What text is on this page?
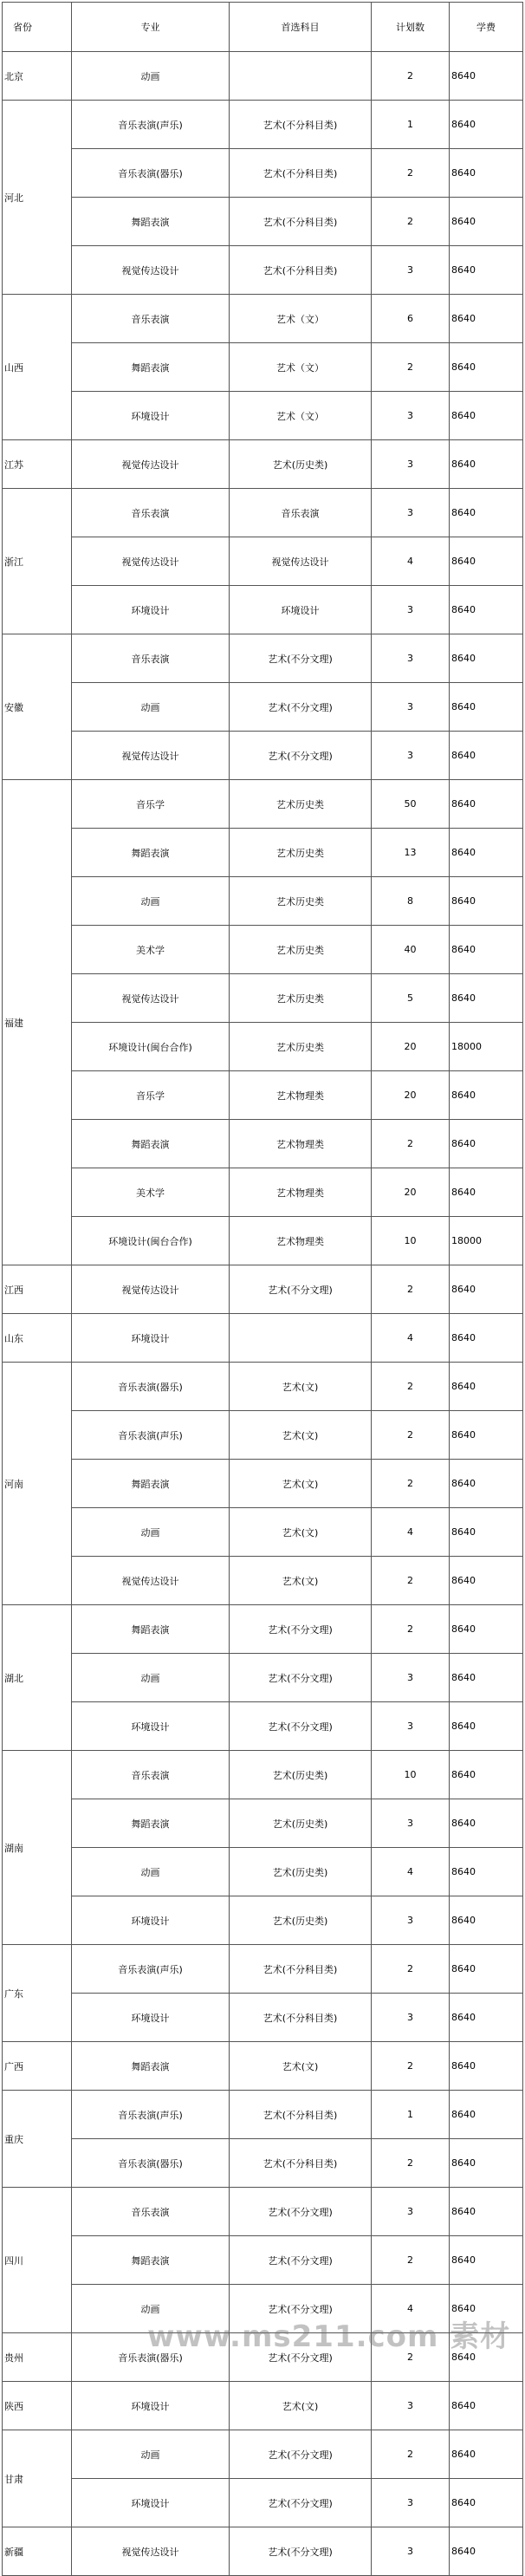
省份	专业	首选科目	计划数	学费
北京	动画		2	8640
河北	音乐表演(声乐)	艺术(不分科目类)	1	8640
	音乐表演(器乐)	艺术(不分科目类)	2	8640
	舞蹈表演	艺术(不分科目类)	2	8640
	视觉传达设计	艺术(不分科目类)	3	8640
山西	音乐表演	艺术（文）	6	8640
	舞蹈表演	艺术（文）	2	8640
	环境设计	艺术（文）	3	8640
江苏	视觉传达设计	艺术(历史类)	3	8640
浙江	音乐表演	音乐表演	3	8640
	视觉传达设计	视觉传达设计	4	8640
	环境设计	环境设计	3	8640
安徽	音乐表演	艺术(不分文理)	3	8640
	动画	艺术(不分文理)	3	8640
	视觉传达设计	艺术(不分文理)	3	8640
福建	音乐学	艺术历史类	50	8640
	舞蹈表演	艺术历史类	13	8640
	动画	艺术历史类	8	8640
	美术学	艺术历史类	40	8640
	视觉传达设计	艺术历史类	5	8640
	环境设计(闽台合作)	艺术历史类	20	18000
	音乐学	艺术物理类	20	8640
	舞蹈表演	艺术物理类	2	8640
	美术学	艺术物理类	20	8640
	环境设计(闽台合作)	艺术物理类	10	18000
江西	视觉传达设计	艺术(不分文理)	2	8640
山东	环境设计		4	8640
河南	音乐表演(器乐)	艺术(文)	2	8640
	音乐表演(声乐)	艺术(文)	2	8640
	舞蹈表演	艺术(文)	2	8640
	动画	艺术(文)	4	8640
	视觉传达设计	艺术(文)	2	8640
湖北	舞蹈表演	艺术(不分文理)	2	8640
	动画	艺术(不分文理)	3	8640
	环境设计	艺术(不分文理)	3	8640
湖南	音乐表演	艺术(历史类)	10	8640
	舞蹈表演	艺术(历史类)	3	8640
	动画	艺术(历史类)	4	8640
	环境设计	艺术(历史类)	3	8640
广东	音乐表演(声乐)	艺术(不分科目类)	2	8640
	环境设计	艺术(不分科目类)	3	8640
广西	舞蹈表演	艺术(文)	2	8640
重庆	音乐表演(声乐)	艺术(不分科目类)	1	8640
	音乐表演(器乐)	艺术(不分科目类)	2	8640
四川	音乐表演	艺术(不分文理)	3	8640
	舞蹈表演	艺术(不分文理)	2	8640
	动画	艺术(不分文理)	4	8640
贵州	音乐表演(器乐)	艺术(不分文理)	2	8640
陕西	环境设计	艺术(文)	3	8640
甘肃	动画	艺术(不分文理)	2	8640
	环境设计	艺术(不分文理)	3	8640
新疆	视觉传达设计	艺术(不分文理)	3	8640
www.ms211.com 素材
